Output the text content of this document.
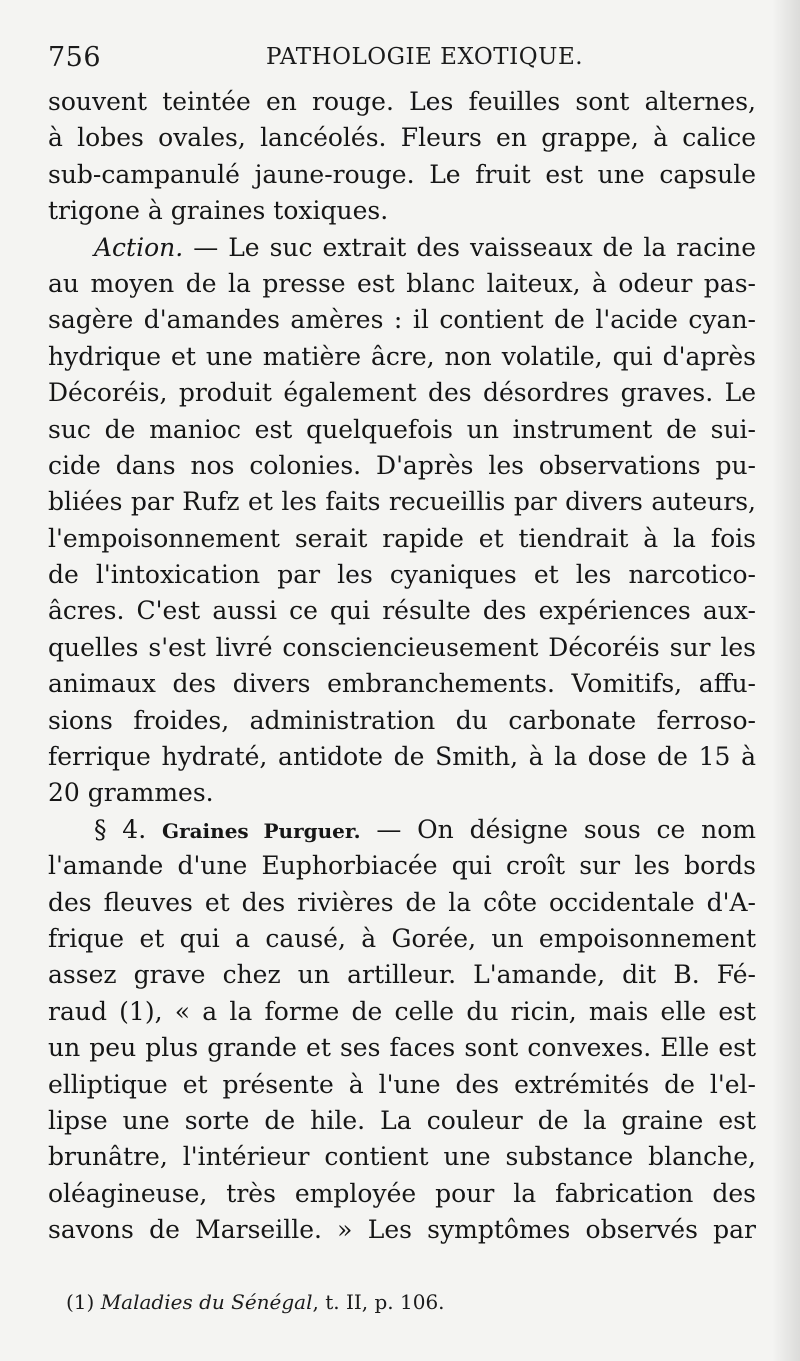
756	PATHOLOGIE EXOTIQUE.
souvent teintée en rouge. Les feuilles sont alternes,
à lobes ovales, lancéolés. Fleurs en grappe, à calice
sub-campanulé jaune-rouge. Le fruit est une capsule
trigone à graines toxiques.
Action. — Le suc extrait des vaisseaux de la racine
au moyen de la presse est blanc laiteux, à odeur pas-
sagère d'amandes amères : il contient de l'acide cyan-
hydrique et une matière âcre, non volatile, qui d'après
Décoréis, produit également des désordres graves. Le
suc de manioc est quelquefois un instrument de sui-
cide dans nos colonies. D'après les observations pu-
bliées par Rufz et les faits recueillis par divers auteurs,
l'empoisonnement serait rapide et tiendrait à la fois
de l'intoxication par les cyaniques et les narcotico-
âcres. C'est aussi ce qui résulte des expériences aux-
quelles s'est livré consciencieusement Décoréis sur les
animaux des divers embranchements. Vomitifs, affu-
sions froides, administration du carbonate ferroso-
ferrique hydraté, antidote de Smith, à la dose de 15 à
20 grammes.
§ 4. Graines Purguer. — On désigne sous ce nom
l'amande d'une Euphorbiacée qui croît sur les bords
des fleuves et des rivières de la côte occidentale d'A-
frique et qui a causé, à Gorée, un empoisonnement
assez grave chez un artilleur. L'amande, dit B. Fé-
raud (1), « a la forme de celle du ricin, mais elle est
un peu plus grande et ses faces sont convexes. Elle est
elliptique et présente à l'une des extrémités de l'el-
lipse une sorte de hile. La couleur de la graine est
brunâtre, l'intérieur contient une substance blanche,
oléagineuse, très employée pour la fabrication des
savons de Marseille. » Les symptômes observés par
(1) Maladies du Sénégal, t. II, p. 106.
